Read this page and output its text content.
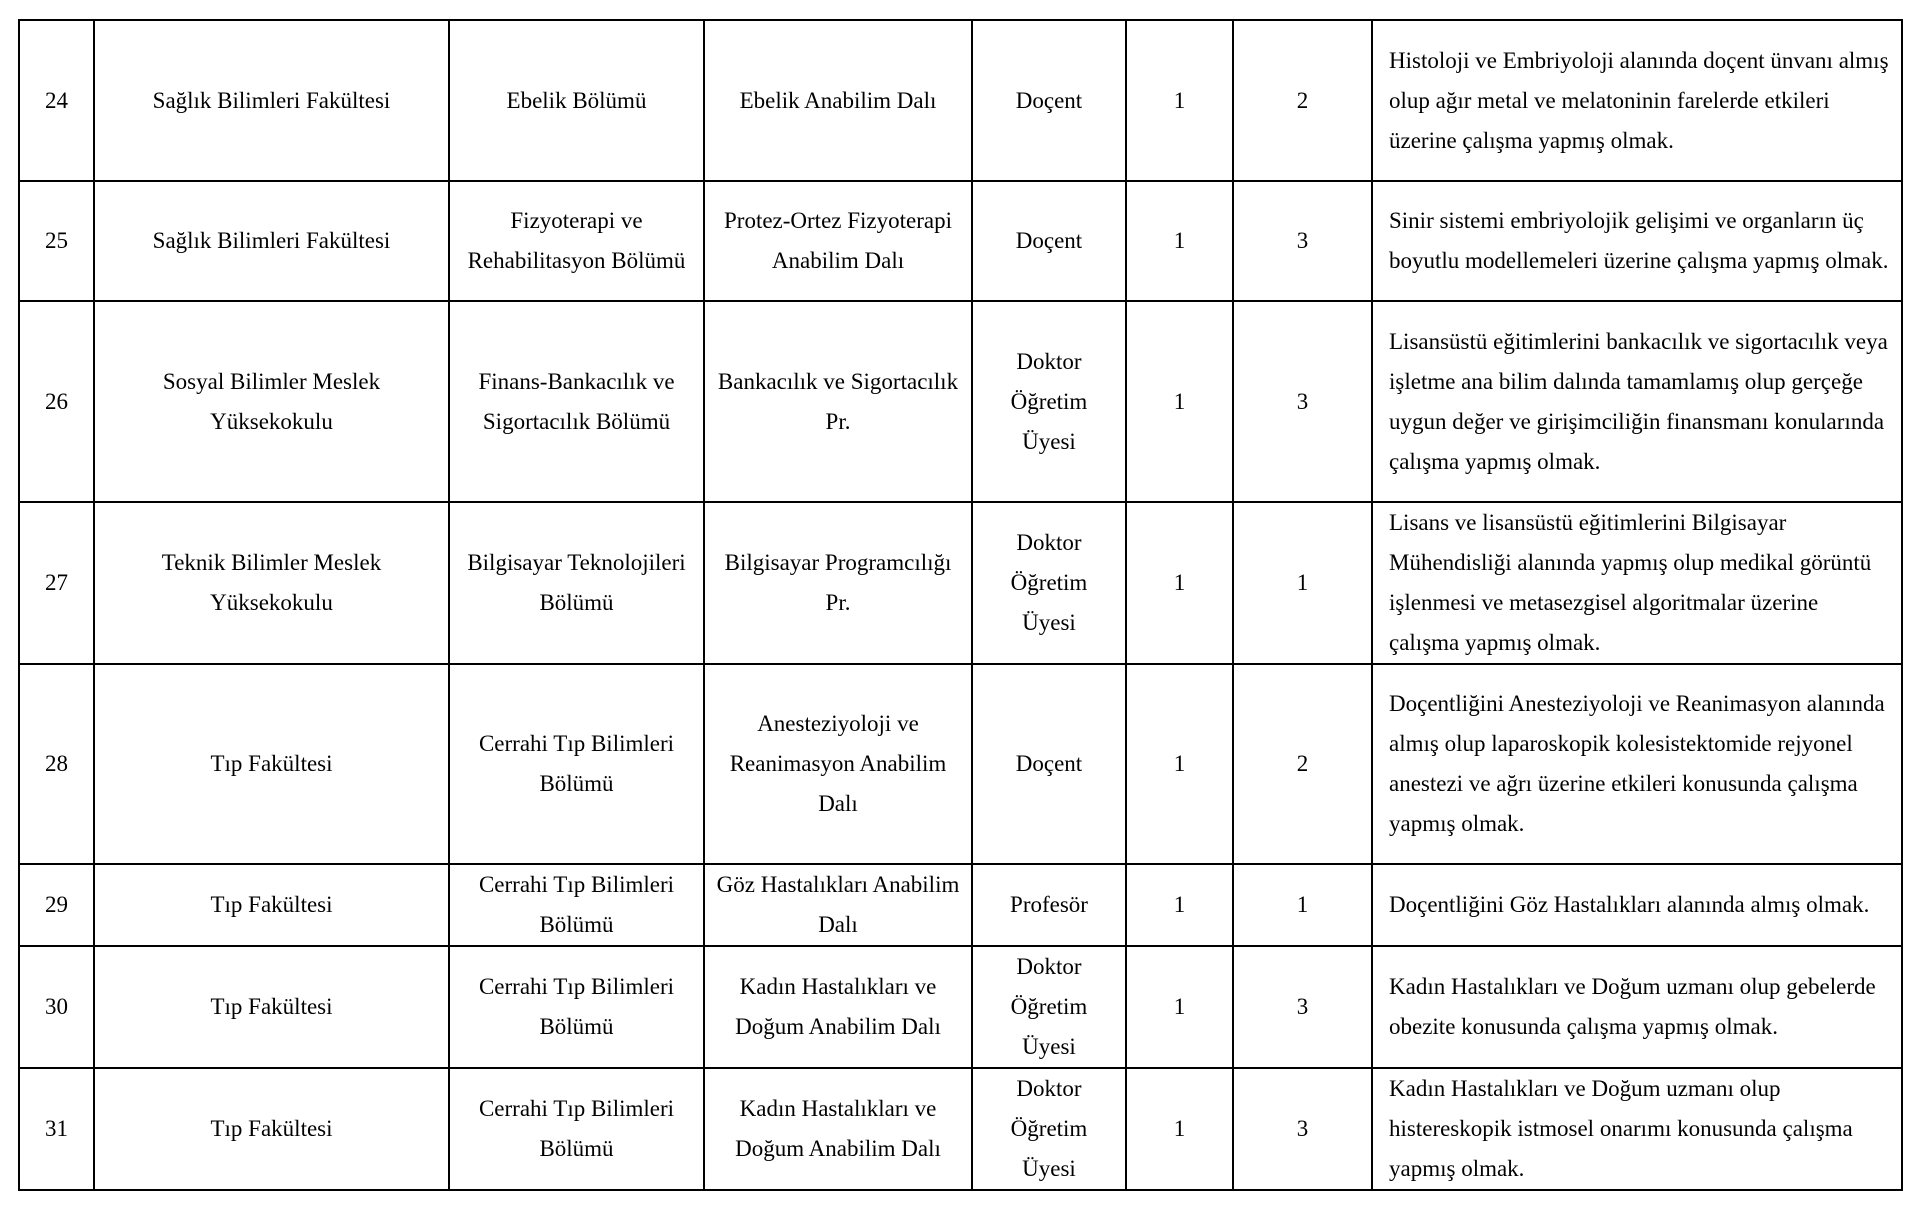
24	Sağlık Bilimleri Fakültesi	Ebelik Bölümü	Ebelik Anabilim Dalı	Doçent	1	2	Histoloji ve Embriyoloji alanında doçent ünvanı almış olup ağır metal ve melatoninin farelerde etkileri üzerine çalışma yapmış olmak.
25	Sağlık Bilimleri Fakültesi	Fizyoterapi ve Rehabilitasyon Bölümü	Protez-Ortez Fizyoterapi Anabilim Dalı	Doçent	1	3	Sinir sistemi embriyolojik gelişimi ve organların üç boyutlu modellemeleri üzerine çalışma yapmış olmak.
26	Sosyal Bilimler Meslek Yüksekokulu	Finans-Bankacılık ve Sigortacılık Bölümü	Bankacılık ve Sigortacılık Pr.	Doktor Öğretim Üyesi	1	3	Lisansüstü eğitimlerini bankacılık ve sigortacılık veya işletme ana bilim dalında tamamlamış olup gerçeğe uygun değer ve girişimciliğin finansmanı konularında çalışma yapmış olmak.
27	Teknik Bilimler Meslek Yüksekokulu	Bilgisayar Teknolojileri Bölümü	Bilgisayar Programcılığı Pr.	Doktor Öğretim Üyesi	1	1	Lisans ve lisansüstü eğitimlerini Bilgisayar Mühendisliği alanında yapmış olup medikal görüntü işlenmesi ve metasezgisel algoritmalar üzerine çalışma yapmış olmak.
28	Tıp Fakültesi	Cerrahi Tıp Bilimleri Bölümü	Anesteziyoloji ve Reanimasyon Anabilim Dalı	Doçent	1	2	Doçentliğini Anesteziyoloji ve Reanimasyon alanında almış olup laparoskopik kolesistektomide rejyonel anestezi ve ağrı üzerine etkileri konusunda çalışma yapmış olmak.
29	Tıp Fakültesi	Cerrahi Tıp Bilimleri Bölümü	Göz Hastalıkları Anabilim Dalı	Profesör	1	1	Doçentliğini Göz Hastalıkları alanında almış olmak.
30	Tıp Fakültesi	Cerrahi Tıp Bilimleri Bölümü	Kadın Hastalıkları ve Doğum Anabilim Dalı	Doktor Öğretim Üyesi	1	3	Kadın Hastalıkları ve Doğum uzmanı olup gebelerde obezite konusunda çalışma yapmış olmak.
31	Tıp Fakültesi	Cerrahi Tıp Bilimleri Bölümü	Kadın Hastalıkları ve Doğum Anabilim Dalı	Doktor Öğretim Üyesi	1	3	Kadın Hastalıkları ve Doğum uzmanı olup histereskopik istmosel onarımı konusunda çalışma yapmış olmak.
